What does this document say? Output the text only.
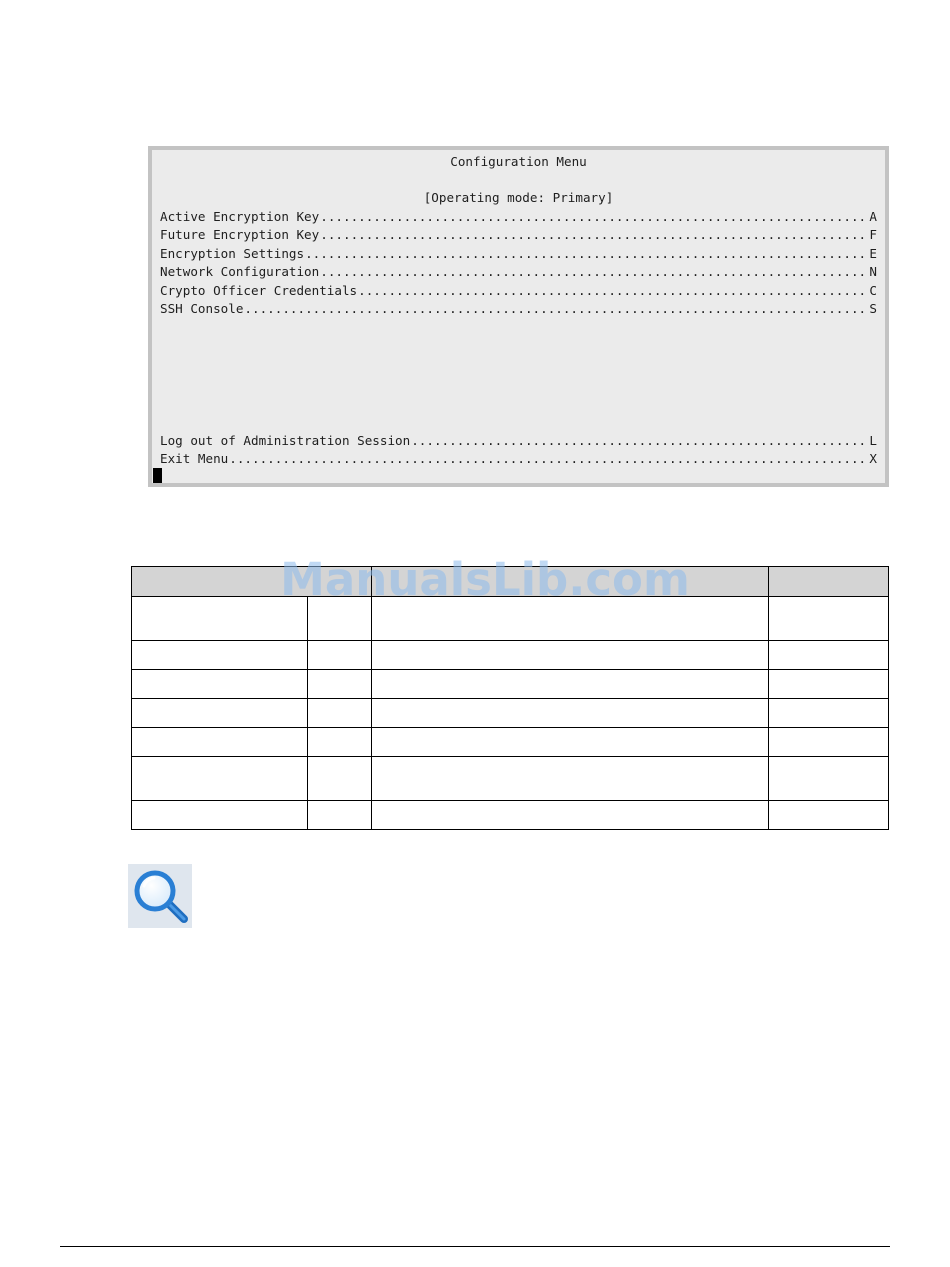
Configuration Menu
[Operating mode: Primary]
Active Encryption Key .....	A
Future Encryption Key .....	F
Encryption Settings .....	E
Network Configuration .....	N
Crypto Officer Credentials .....	C
SSH Console .....	S
Log out of Administration Session .....	L
Exit Menu .....	X

ManualsLib.com
